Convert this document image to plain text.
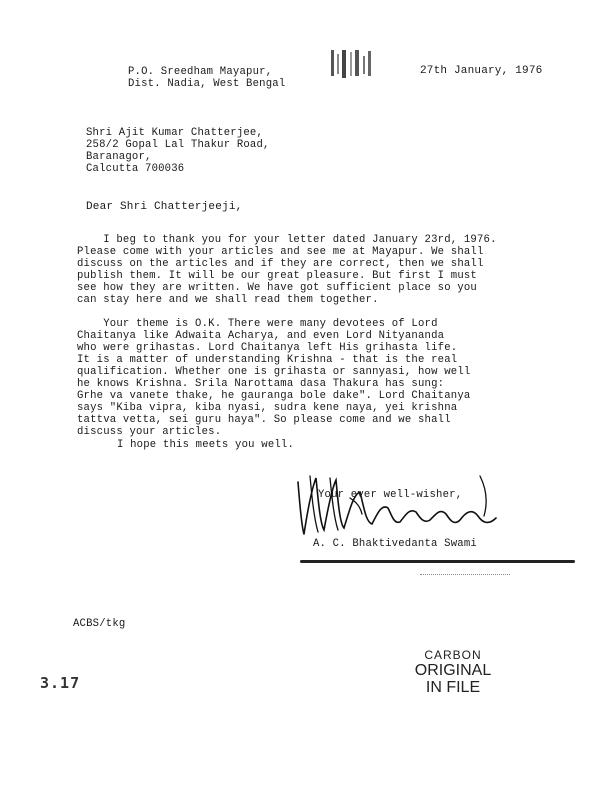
P.O. Sreedham Mayapur,
Dist. Nadia, West Bengal
27th January, 1976
Shri Ajit Kumar Chatterjee,
258/2 Gopal Lal Thakur Road,
Baranagor,
Calcutta 700036
Dear Shri Chatterjeeji,

I beg to thank you for your letter dated January 23rd, 1976.
Please come with your articles and see me at Mayapur. We shall
discuss on the articles and if they are correct, then we shall
publish them. It will be our great pleasure. But first I must
see how they are written. We have got sufficient place so you
can stay here and we shall read them together.

Your theme is O.K. There were many devotees of Lord
Chaitanya like Adwaita Acharya, and even Lord Nityananda
who were grihastas. Lord Chaitanya left His grihasta life.
It is a matter of understanding Krishna - that is the real
qualification. Whether one is grihasta or sannyasi, how well
he knows Krishna. Srila Narottama dasa Thakura has sung:
Grhe va vanete thake, he gauranga bole dake". Lord Chaitanya
says "Kiba vipra, kiba nyasi, sudra kene naya, yei krishna
tattva vetta, sei guru haya". So please come and we shall
discuss your articles.

I hope this meets you well.
Your ever well-wisher,
A. C. Bhaktivedanta Swami
ACBS/tkg
3.17
CARBON
ORIGINAL
IN FILE
